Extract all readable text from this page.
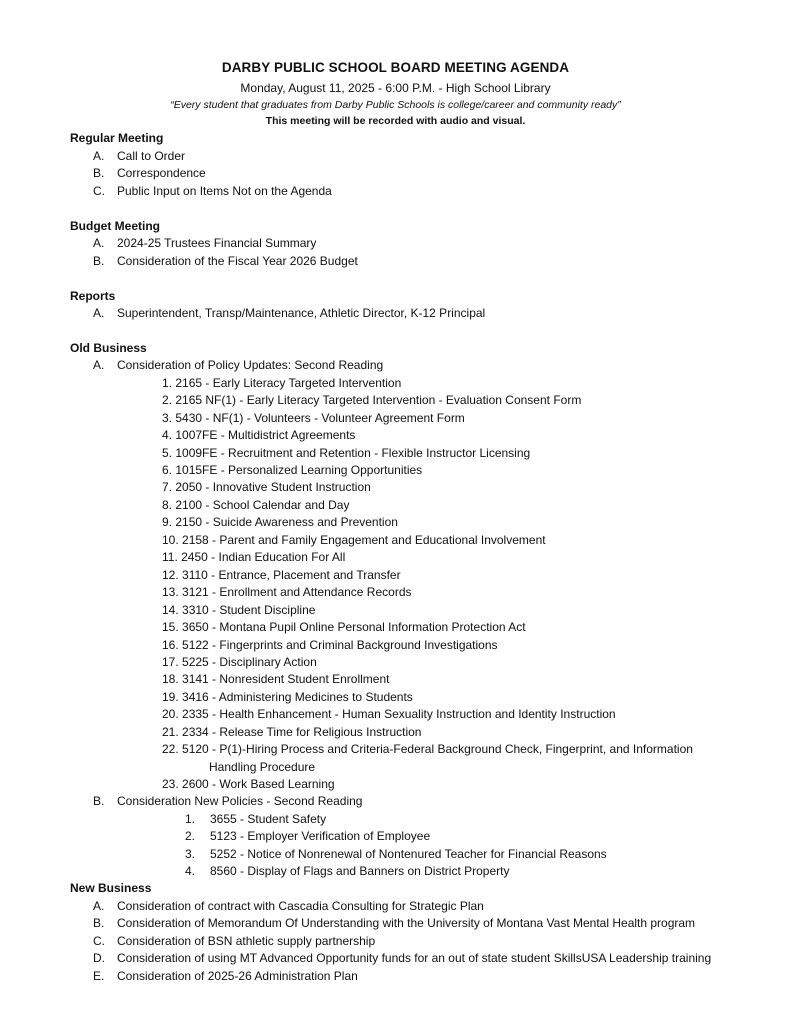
DARBY PUBLIC SCHOOL BOARD MEETING AGENDA
Monday, August 11, 2025 - 6:00 P.M. - High School Library
“Every student that graduates from Darby Public Schools is college/career and community ready”
This meeting will be recorded with audio and visual.
Regular Meeting
A. Call to Order
B. Correspondence
C. Public Input on Items Not on the Agenda
Budget Meeting
A. 2024-25 Trustees Financial Summary
B. Consideration of the Fiscal Year 2026 Budget
Reports
A. Superintendent, Transp/Maintenance, Athletic Director, K-12 Principal
Old Business
A. Consideration of Policy Updates: Second Reading
1. 2165 - Early Literacy Targeted Intervention
2. 2165 NF(1) - Early Literacy Targeted Intervention - Evaluation Consent Form
3. 5430 - NF(1) - Volunteers - Volunteer Agreement Form
4. 1007FE - Multidistrict Agreements
5. 1009FE - Recruitment and Retention - Flexible Instructor Licensing
6. 1015FE - Personalized Learning Opportunities
7. 2050 - Innovative Student Instruction
8. 2100 - School Calendar and Day
9. 2150 - Suicide Awareness and Prevention
10. 2158 - Parent and Family Engagement and Educational Involvement
11. 2450 - Indian Education For All
12. 3110 - Entrance, Placement and Transfer
13. 3121 - Enrollment and Attendance Records
14. 3310 - Student Discipline
15. 3650 - Montana Pupil Online Personal Information Protection Act
16. 5122 - Fingerprints and Criminal Background Investigations
17. 5225 - Disciplinary Action
18. 3141 - Nonresident Student Enrollment
19. 3416 - Administering Medicines to Students
20. 2335 - Health Enhancement - Human Sexuality Instruction and Identity Instruction
21. 2334 - Release Time for Religious Instruction
22. 5120 - P(1)-Hiring Process and Criteria-Federal Background Check, Fingerprint, and Information
Handling Procedure
23. 2600 - Work Based Learning
B. Consideration New Policies - Second Reading
1. 3655 - Student Safety
2. 5123 - Employer Verification of Employee
3. 5252 - Notice of Nonrenewal of Nontenured Teacher for Financial Reasons
4. 8560 - Display of Flags and Banners on District Property
New Business
A. Consideration of contract with Cascadia Consulting for Strategic Plan
B. Consideration of Memorandum Of Understanding with the University of Montana Vast Mental Health program
C. Consideration of BSN athletic supply partnership
D. Consideration of using MT Advanced Opportunity funds for an out of state student SkillsUSA Leadership training
E. Consideration of 2025-26 Administration Plan
